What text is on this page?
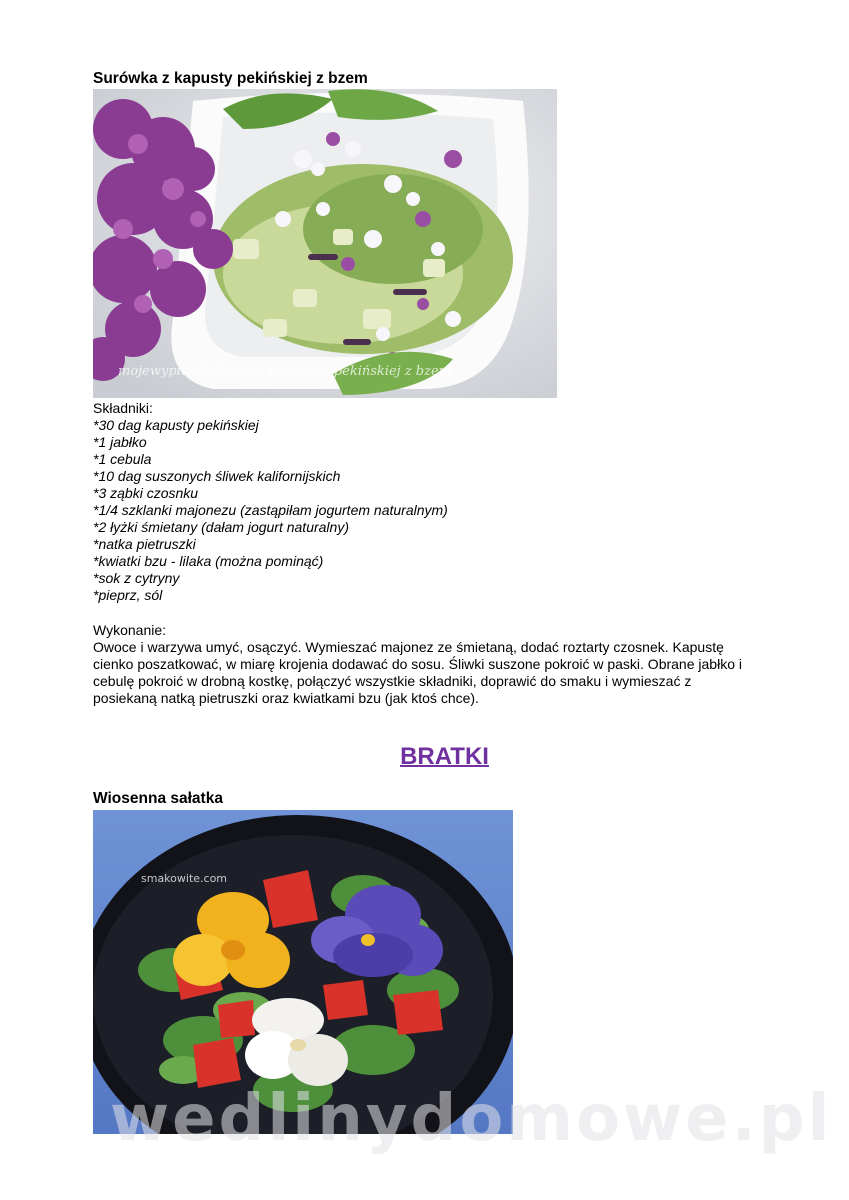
Surówka z kapusty pekińskiej z bzem
mojewypieki©Sałatka z kapusty pekińskiej z bzem
Składniki:
*30 dag kapusty pekińskiej
*1 jabłko
*1 cebula
*10 dag suszonych śliwek kalifornijskich
*3 ząbki czosnku
*1/4 szklanki majonezu (zastąpiłam jogurtem naturalnym)
*2 łyżki śmietany (dałam jogurt naturalny)
*natka pietruszki
*kwiatki bzu - lilaka (można pominąć)
*sok z cytryny
*pieprz, sól
Wykonanie:
Owoce i warzywa umyć, osączyć. Wymieszać majonez ze śmietaną, dodać roztarty czosnek. Kapustę
cienko poszatkować, w miarę krojenia dodawać do sosu. Śliwki suszone pokroić w paski. Obrane jabłko i
cebulę pokroić w drobną kostkę, połączyć wszystkie składniki, doprawić do smaku i wymieszać z
posiekaną natką pietruszki oraz kwiatkami bzu (jak ktoś chce).
BRATKI
Wiosenna sałatka
smakowite.com
wedlinydomowe.pl
